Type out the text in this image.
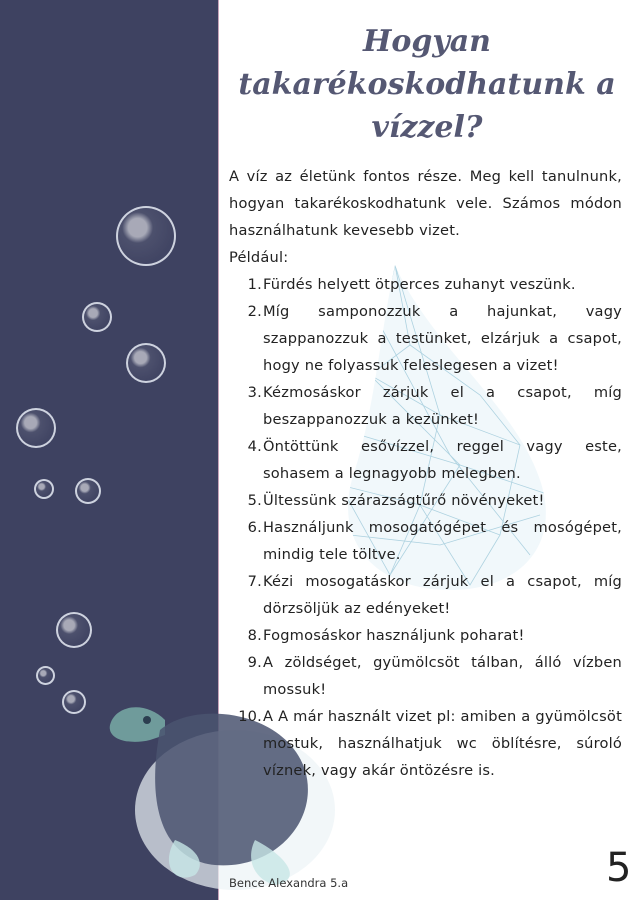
Hogyan takarékoskodhatunk a vízzel?

A víz az életünk fontos része. Meg kell tanulnunk, hogyan takarékoskodhatunk vele. Számos módon használhatunk kevesebb vizet.

Például:

1. Fürdés helyett ötperces zuhanyt veszünk.
2. Míg samponozzuk a hajunkat, vagy szappanozzuk a testünket, elzárjuk a csapot, hogy ne folyassuk feleslegesen a vizet!
3. Kézmosáskor zárjuk el a csapot, míg beszappanozzuk a kezünket!
4. Öntöttünk esővízzel, reggel vagy este, sohasem a legnagyobb melegben.
5. Ültessünk szárazságtűrő növényeket!
6. Használjunk mosogatógépet és mosógépet, mindig tele töltve.
7. Kézi mosogatáskor zárjuk el a csapot, míg dörzsöljük az edényeket!
8. Fogmosáskor használjunk poharat!
9. A zöldséget, gyümölcsöt tálban, álló vízben mossuk!
10. A A már használt vizet pl: amiben a gyümölcsöt mostuk, használhatjuk wc öblítésre, súroló víznek, vagy akár öntözésre is.
Bence Alexandra 5.a	5
